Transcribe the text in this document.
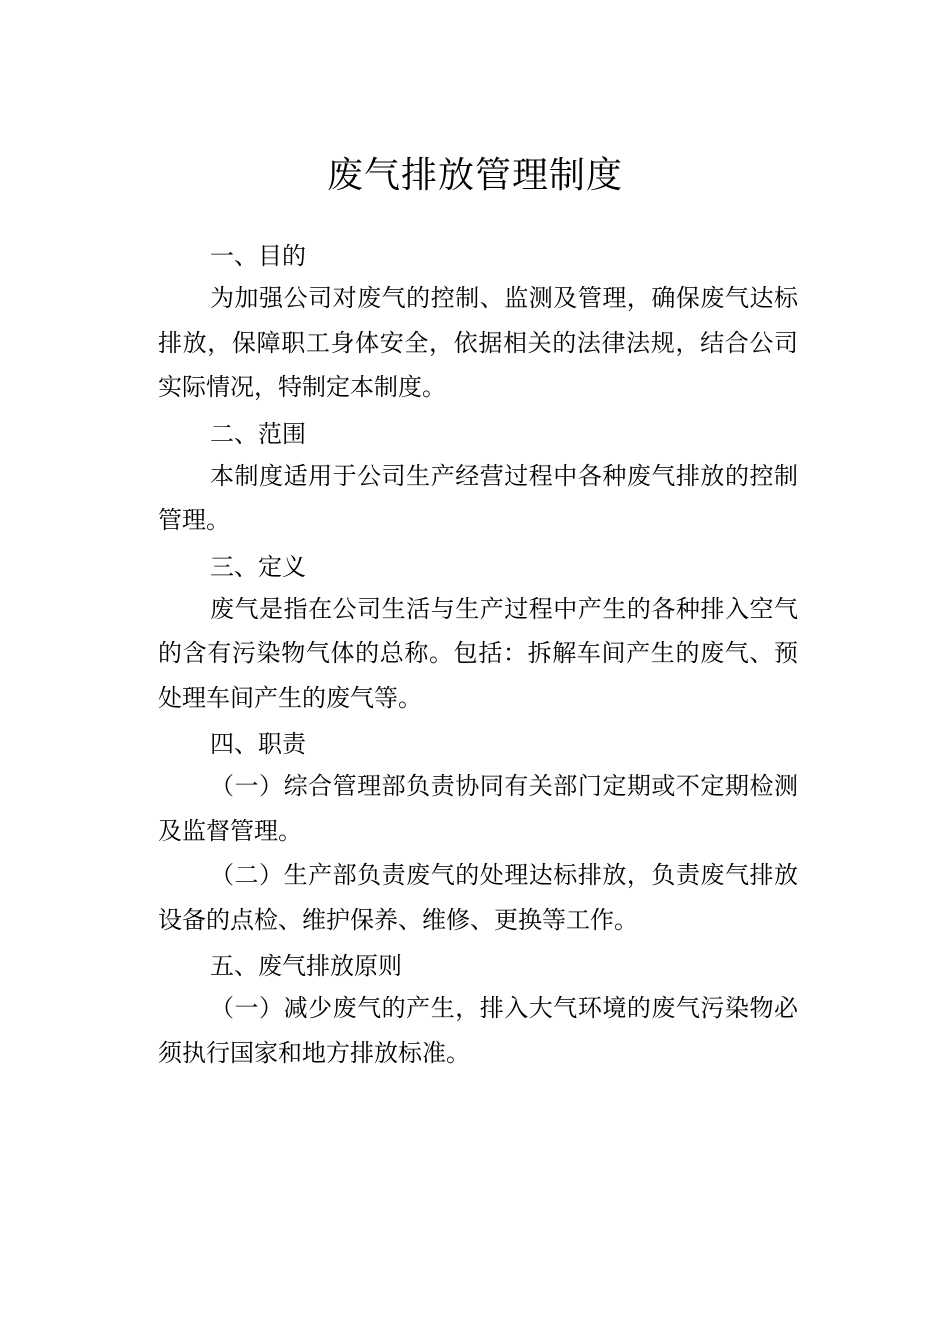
废气排放管理制度

一、目的

为加强公司对废气的控制、监测及管理，确保废气达标排放，保障职工身体安全，依据相关的法律法规，结合公司实际情况，特制定本制度。

二、范围

本制度适用于公司生产经营过程中各种废气排放的控制管理。

三、定义

废气是指在公司生活与生产过程中产生的各种排入空气的含有污染物气体的总称。包括：拆解车间产生的废气、预处理车间产生的废气等。

四、职责

（一）综合管理部负责协同有关部门定期或不定期检测及监督管理。

（二）生产部负责废气的处理达标排放，负责废气排放设备的点检、维护保养、维修、更换等工作。

五、废气排放原则

（一）减少废气的产生，排入大气环境的废气污染物必须执行国家和地方排放标准。
